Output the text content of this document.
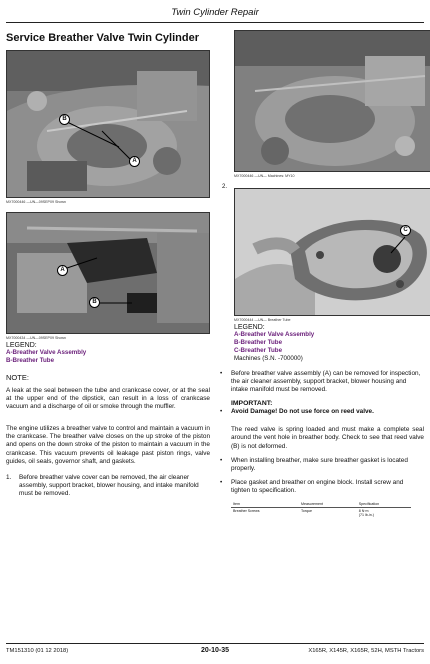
Twin Cylinder Repair
Service Breather Valve Twin Cylinder
B
A
MX7000446 —UN—09SEP09 Shown
A
B
MX7000434 —UN—09SEP09 Shown
LEGEND:
A-Breather Valve Assembly
B-Breather Tube
NOTE:
A leak at the seal between the tube and crankcase cover, or at the seal at the upper end of the dipstick, can result in a loss of crankcase vacuum and a discharge of oil or smoke through the muffler.
The engine utilizes a breather valve to control and maintain a vacuum in the crankcase. The breather valve closes on the up stroke of the piston and opens on the down stroke of the piston to maintain a vacuum in the crankcase. This vacuum prevents oil leakage past piston rings, valve guides, oil seals, governor shaft, and gaskets.
1.	Before breather valve cover can be removed, the air cleaner assembly, support bracket, blower housing, and intake manifold must be removed.
MX7000446 —UN— Machines: MY10
2.
C
MX7000444 —UN— Breather Tube
LEGEND:
A-Breather Valve Assembly
B-Breather Tube
C-Breather Tube
Machines (S.N. -700000)
•	Before breather valve assembly (A) can be removed for inspection, the air cleaner assembly, support bracket, blower housing and intake manifold must be removed.
IMPORTANT:
•	Avoid Damage! Do not use force on reed valve.
The reed valve is spring loaded and must make a complete seal around the vent hole in breather body. Check to see that reed valve (B) is not deformed.
•	When installing breather, make sure breather gasket is located properly.
•	Place gasket and breather on engine block. Install screw and tighten to specification.
Item	Measurement	Specification
Breather Screws	Torque	8 N·m
(71 lb-in.)
TM151310 (01 12 2018)	20-10-35	X165R, X145R, X165R, 52H, MSTH Tractors
